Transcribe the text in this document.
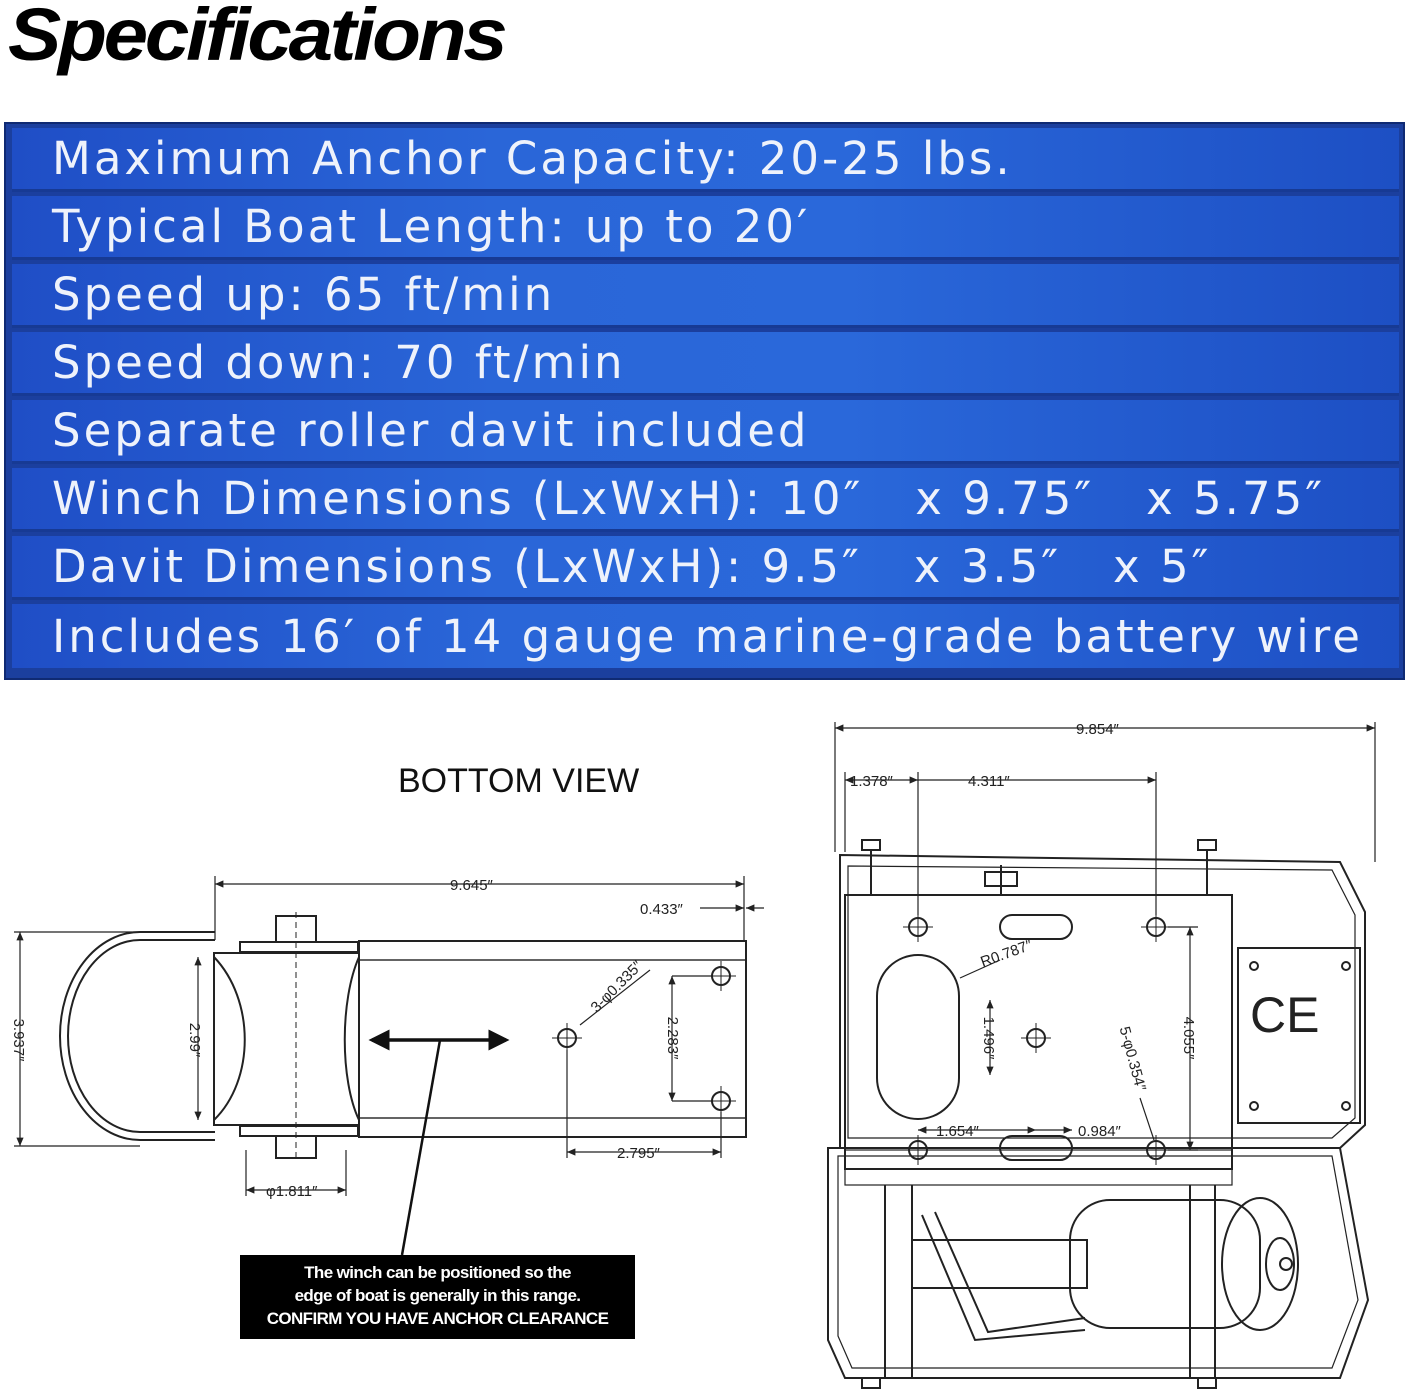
Specifications
Maximum Anchor Capacity: 20-25 lbs.
Typical Boat Length: up to 20′
Speed up: 65 ft/min
Speed down: 70 ft/min
Separate roller davit included
Winch Dimensions (LxWxH): 10″   x 9.75″   x 5.75″
Davit Dimensions (LxWxH): 9.5″   x 3.5″   x 5″
Includes 16′ of 14 gauge marine-grade battery wire

BOTTOM VIEW

9.645″
0.433″
3.937″	2.99″
3-φ0.335″
2.283″
2.795″
φ1.811″
CE
9.854″
1.378″	4.311″
R0.787″
1.496″	4.055″
5-φ0.354″
1.654″	0.984″
The winch can be positioned so the
edge of boat is generally in this range.
CONFIRM YOU HAVE ANCHOR CLEARANCE
